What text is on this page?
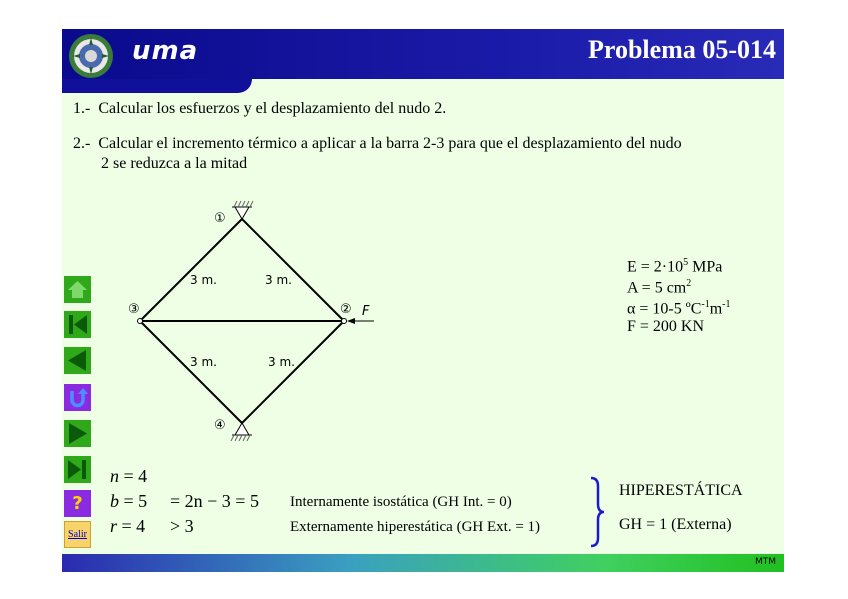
uma	Problema 05-014
1.- Calcular los esfuerzos y el desplazamiento del nudo 2.
2.- Calcular el incremento térmico a aplicar a la barra 2-3 para que el desplazamiento del nudo
2 se reduzca a la mitad
?
Salir
①
②
③
④
F
3 m.	3 m.
3 m.	3 m.
$E = 2\cdot 10^5$ MPa
A = 5 $cm^2$
α = 10-5 $ºC^{-1}m^{-1}$
F = 200 KN
n = 4
b = 5 = 2n − 3 = 5
r = 4 > 3
Internamente isostática (GH Int. = 0)
Externamente hiperestática (GH Ext. = 1)
HIPERESTÁTICA
GH = 1 (Externa)
MTM
